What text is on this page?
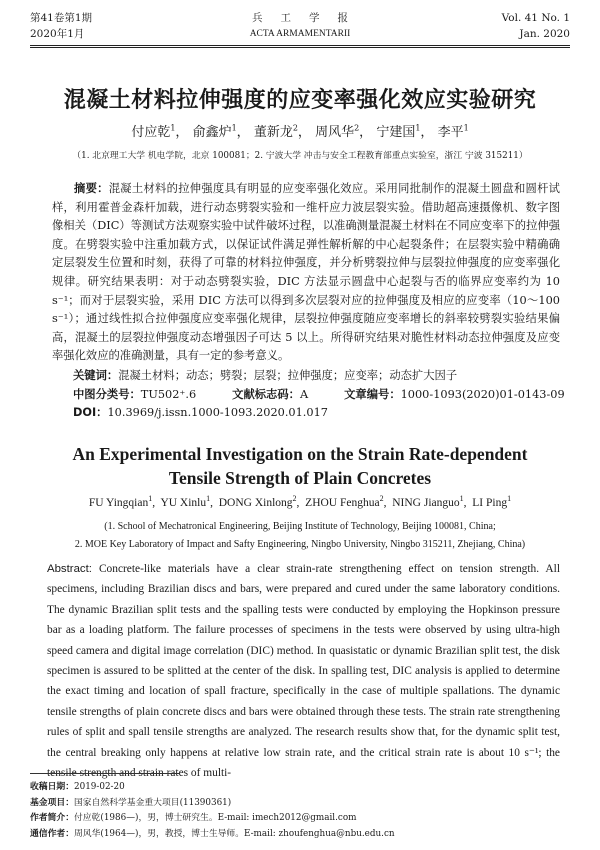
第41卷第1期
2020年1月
兵工学报
ACTA ARMAMENTARII
Vol. 41 No. 1
Jan. 2020
混凝土材料拉伸强度的应变率强化效应实验研究
付应乾$^1$， 俞鑫炉$^1$， 董新龙$^2$， 周风华$^2$， 宁建国$^1$， 李平$^1$
（1. 北京理工大学 机电学院，北京 100081；2. 宁波大学 冲击与安全工程教育部重点实验室，浙江 宁波 315211）
摘要：混凝土材料的拉伸强度具有明显的应变率强化效应。采用同批制作的混凝土圆盘和圆杆试样，利用霍普金森杆加载，进行动态劈裂实验和一维杆应力波层裂实验。借助超高速摄像机、数字图像相关（DIC）等测试方法观察实验中试件破坏过程，以准确测量混凝土材料在不同应变率下的拉伸强度。在劈裂实验中注重加载方式，以保证试件满足弹性解析解的中心起裂条件；在层裂实验中精确确定层裂发生位置和时刻，获得了可靠的材料拉伸强度，并分析劈裂拉伸与层裂拉伸强度的应变率强化规律。研究结果表明：对于动态劈裂实验，DIC 方法显示圆盘中心起裂与否的临界应变率约为 10 s⁻¹；而对于层裂实验，采用 DIC 方法可以得到多次层裂对应的拉伸强度及相应的应变率（10～100 s⁻¹）；通过线性拟合拉伸强度应变率强化规律，层裂拉伸强度随应变率增长的斜率较劈裂实验结果偏高，混凝土的层裂拉伸强度动态增强因子可达 5 以上。所得研究结果对脆性材料动态拉伸强度及应变率强化效应的准确测量，具有一定的参考意义。
关键词：混凝土材料；动态；劈裂；层裂；拉伸强度；应变率；动态扩大因子
中图分类号：TU502⁺.6	文献标志码：A	文章编号：1000-1093(2020)01-0143-09
DOI：10.3969/j.issn.1000-1093.2020.01.017
An Experimental Investigation on the Strain Rate-dependent
Tensile Strength of Plain Concretes
FU Yingqian$^1$,  YU Xinlu$^1$,  DONG Xinlong$^2$,  ZHOU Fenghua$^2$,  NING Jianguo$^1$,  LI Ping$^1$
(1. School of Mechatronical Engineering, Beijing Institute of Technology, Beijing 100081, China;
2. MOE Key Laboratory of Impact and Safty Engineering, Ningbo University, Ningbo 315211, Zhejiang, China)
Abstract: Concrete-like materials have a clear strain-rate strengthening effect on tension strength. All specimens, including Brazilian discs and bars, were prepared and cured under the same laboratory conditions. The dynamic Brazilian split tests and the spalling tests were conducted by employing the Hopkinson pressure bar as a loading platform. The failure processes of specimens in the tests were observed by using ultra-high speed camera and digital image correlation (DIC) method. In quasistatic or dynamic Brazilian split test, the disk specimen is assured to be splitted at the center of the disk. In spalling test, DIC analysis is applied to determine the exact timing and location of spall fracture, specifically in the case of multiple spallations. The dynamic tensile strengths of plain concrete discs and bars were obtained through these tests. The strain rate strengthening rules of split and spall tensile strengths are analyzed. The research results show that, for the dynamic split test, the central breaking only happens at relative low strain rate, and the critical strain rate is about 10 s⁻¹; the tensile strength and strain rates of multi-
收稿日期：2019-02-20
基金项目：国家自然科学基金重大项目(11390361)
作者简介：付应乾(1986—)，男，博士研究生。E-mail: imech2012@gmail.com
通信作者：周风华(1964—)，男，教授，博士生导师。E-mail: zhoufenghua@nbu.edu.cn
